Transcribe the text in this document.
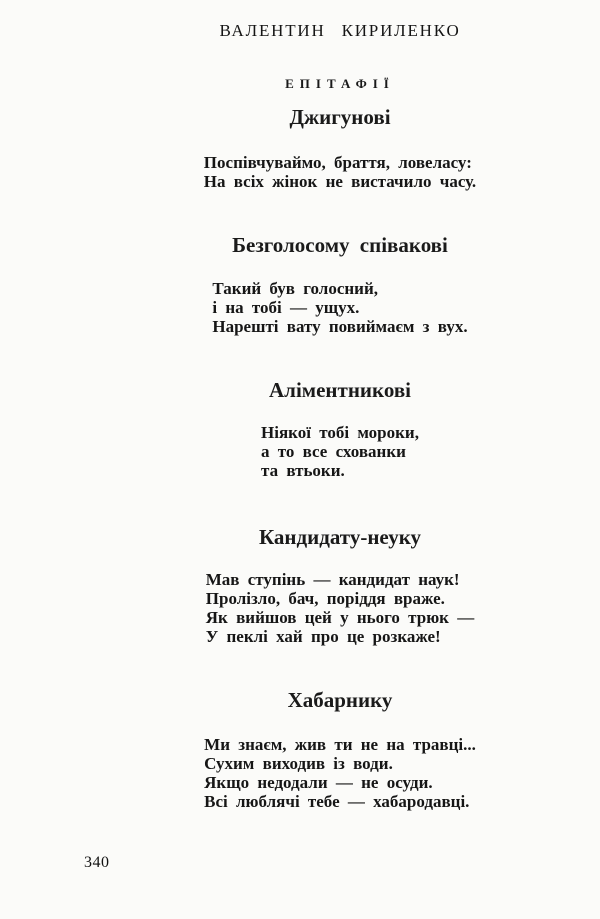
ВАЛЕНТИН КИРИЛЕНКО
ЕПІТАФІЇ
Джигунові
Поспівчуваймо, браття, ловеласу:
На всіх жінок не вистачило часу.
Безголосому співакові
Такий був голосний,
і на тобі — ущух.
Нарешті вату повиймаєм з вух.
Аліментникові
Ніякої тобі мороки,
а то все схованки
та втьоки.
Кандидату-неуку
Мав ступінь — кандидат наук!
Пролізло, бач, поріддя враже.
Як вийшов цей у нього трюк —
У пеклі хай про це розкаже!
Хабарнику
Ми знаєм, жив ти не на травці...
Сухим виходив із води.
Якщо недодали — не осуди.
Всі люблячі тебе — хабародавці.
340
